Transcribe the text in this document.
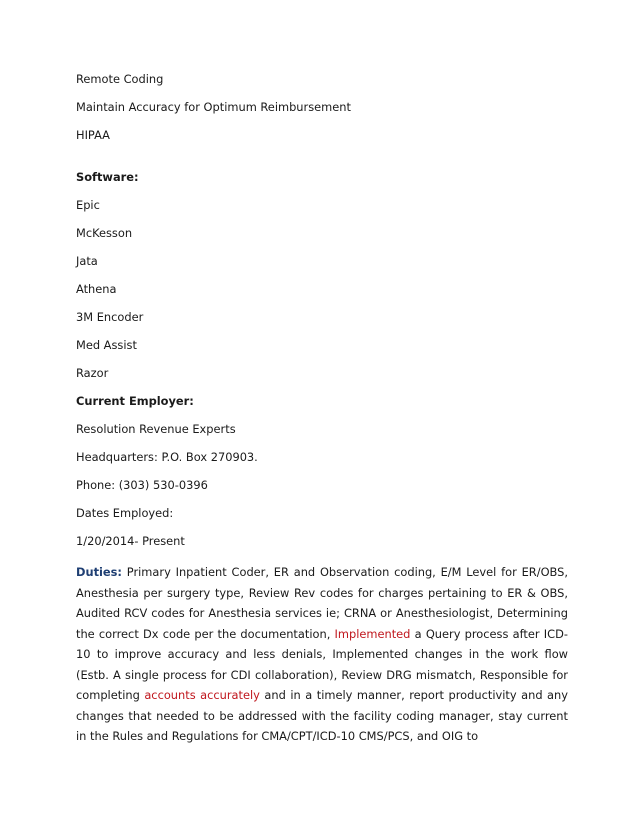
Remote Coding
Maintain Accuracy for Optimum Reimbursement
HIPAA
Software:
Epic
McKesson
Jata
Athena
3M Encoder
Med Assist
Razor
Current Employer:
Resolution Revenue Experts
Headquarters: P.O. Box 270903.
Phone: (303) 530-0396
Dates Employed:
1/20/2014- Present
Duties: Primary Inpatient Coder, ER and Observation coding, E/M Level for ER/OBS, Anesthesia per surgery type, Review Rev codes for charges pertaining to ER & OBS, Audited RCV codes for Anesthesia services ie; CRNA or Anesthesiologist, Determining the correct Dx code per the documentation, Implemented a Query process after ICD-10 to improve accuracy and less denials, Implemented changes in the work flow (Estb. A single process for CDI collaboration), Review DRG mismatch, Responsible for completing accounts accurately and in a timely manner, report productivity and any changes that needed to be addressed with the facility coding manager, stay current in the Rules and Regulations for CMA/CPT/ICD-10 CMS/PCS, and OIG to
